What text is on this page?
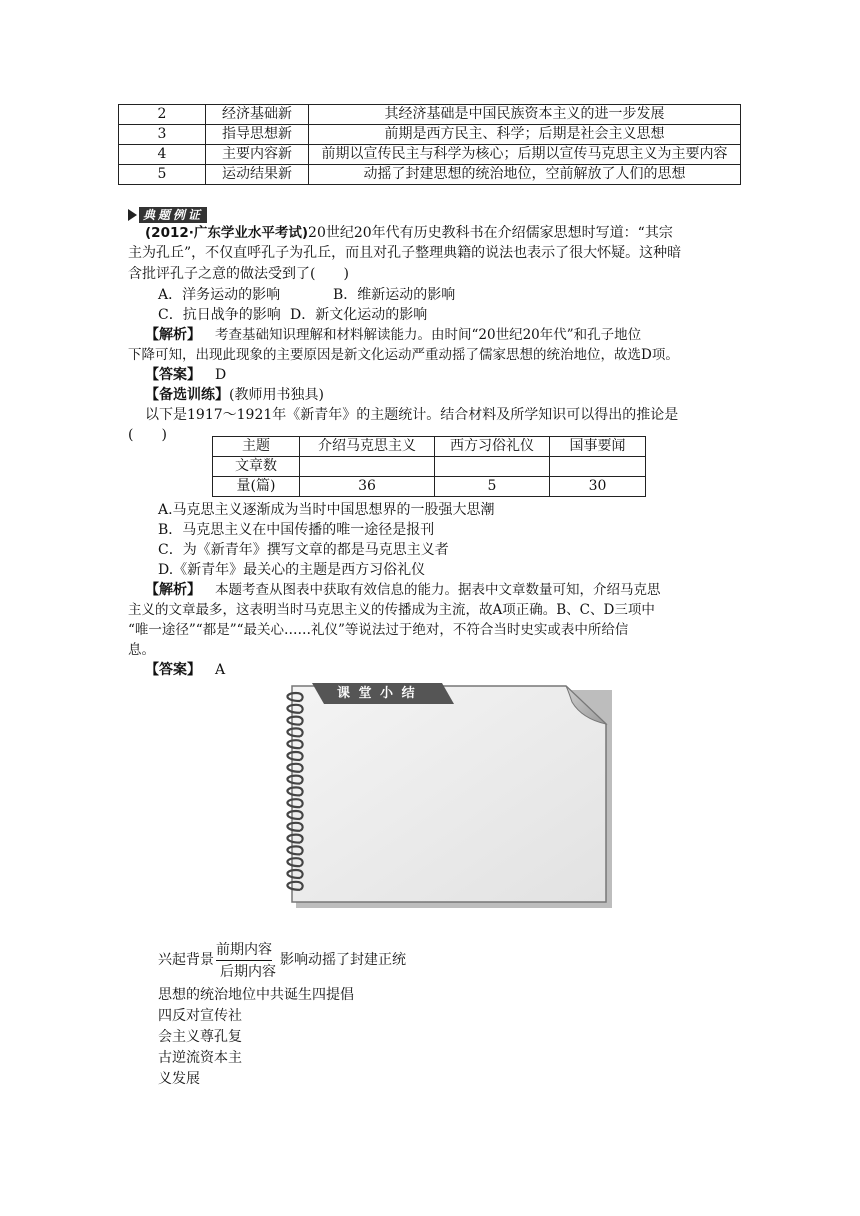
2	经济基础新	其经济基础是中国民族资本主义的进一步发展
3	指导思想新	前期是西方民主、科学；后期是社会主义思想
4	主要内容新	前期以宣传民主与科学为核心；后期以宣传马克思主义为主要内容
5	运动结果新	动摇了封建思想的统治地位，空前解放了人们的思想
典题例证
(2012·广东学业水平考试)20世纪20年代有历史教科书在介绍儒家思想时写道：“其宗
主为孔丘”，不仅直呼孔子为孔丘，而且对孔子整理典籍的说法也表示了很大怀疑。这种暗
含批评孔子之意的做法受到了(　　)
A．洋务运动的影响	B．维新运动的影响
C．抗日战争的影响 D．新文化运动的影响
【解析】 考查基础知识理解和材料解读能力。由时间“20世纪20年代”和孔子地位
下降可知，出现此现象的主要原因是新文化运动严重动摇了儒家思想的统治地位，故选D项。
【答案】 D
【备选训练】(教师用书独具)
以下是1917～1921年《新青年》的主题统计。结合材料及所学知识可以得出的推论是
(　　)
主题	介绍马克思主义	西方习俗礼仪	国事要闻
文章数			
量(篇)	36	5	30
A.马克思主义逐渐成为当时中国思想界的一股强大思潮
B．马克思主义在中国传播的唯一途径是报刊
C．为《新青年》撰写文章的都是马克思主义者
D.《新青年》最关心的主题是西方习俗礼仪
【解析】 本题考查从图表中获取有效信息的能力。据表中文章数量可知，介绍马克思
主义的文章最多，这表明当时马克思主义的传播成为主流，故A项正确。B、C、D三项中
“唯一途径”“都是”“最关心……礼仪”等说法过于绝对，不符合当时史实或表中所给信
息。
【答案】 A
课 堂 小 结
兴起背景
前期内容
后期内容
影响动摇了封建正统
思想的统治地位中共诞生四提倡
四反对宣传社
会主义尊孔复
古逆流资本主
义发展
